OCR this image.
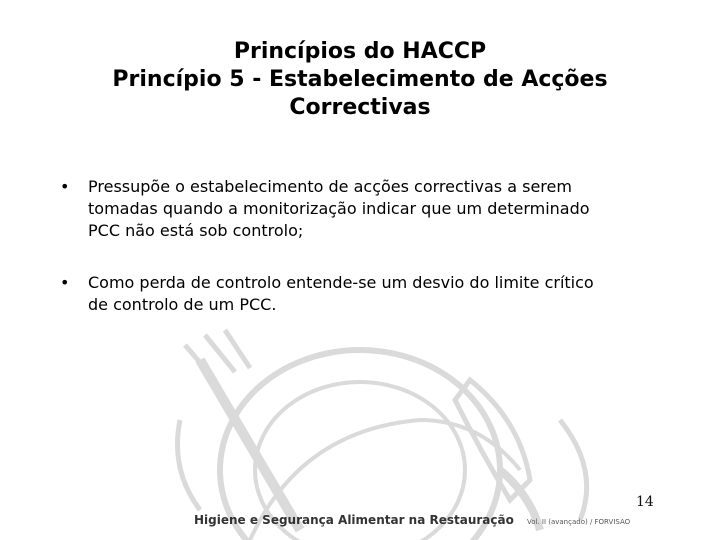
Princípios do HACCP
Princípio 5 - Estabelecimento de Acções
Correctivas
• Pressupõe o estabelecimento de acções correctivas a serem
tomadas quando a monitorização indicar que um determinado
PCC não está sob controlo;
• Como perda de controlo entende-se um desvio do limite crítico
de controlo de um PCC.
14
Higiene e Segurança Alimentar na Restauração Vol. II (avançado) / FORVISAO
